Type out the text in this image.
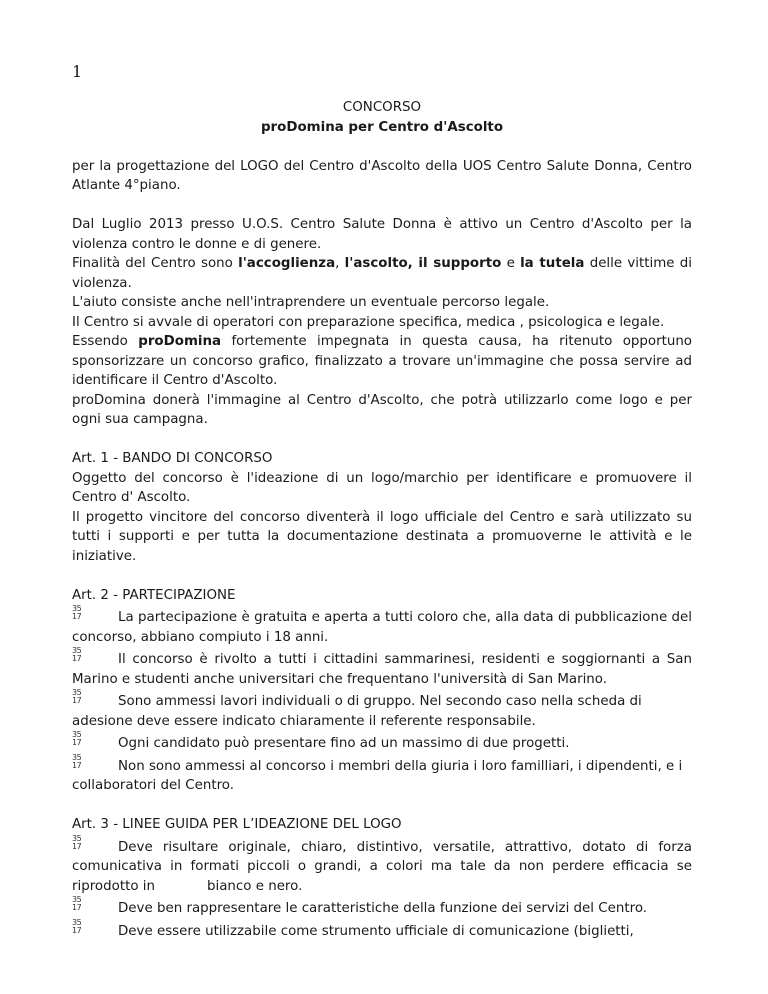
1

CONCORSO

proDomina per Centro d'Ascolto

per la progettazione del LOGO del Centro d'Ascolto della UOS Centro Salute Donna, Centro Atlante 4°piano.

Dal Luglio 2013 presso U.O.S. Centro Salute Donna è attivo un Centro d'Ascolto per la violenza contro le donne e di genere.

Finalità del Centro sono l'accoglienza, l'ascolto, il supporto e la tutela delle vittime di violenza.

L'aiuto consiste anche nell'intraprendere un eventuale percorso legale.

Il Centro si avvale di operatori con preparazione specifica, medica , psicologica e legale.

Essendo proDomina fortemente impegnata in questa causa, ha ritenuto opportuno sponsorizzare un concorso grafico, finalizzato a trovare un'immagine che possa servire ad identificare il Centro d'Ascolto.

proDomina donerà l'immagine al Centro d'Ascolto, che potrà utilizzarlo come logo e per ogni sua campagna.

Art. 1 - BANDO DI CONCORSO

Oggetto del concorso è l'ideazione di un logo/marchio per identificare e promuovere il Centro d' Ascolto.

Il progetto vincitore del concorso diventerà il logo ufficiale del Centro e sarà utilizzato su tutti i supporti e per tutta la documentazione destinata a promuoverne le attività e le iniziative.

Art. 2 - PARTECIPAZIONE

35
17	La partecipazione è gratuita e aperta a tutti coloro che, alla data di pubblicazione del concorso, abbiano compiuto i 18 anni.

35
17	Il concorso è rivolto a tutti i cittadini sammarinesi, residenti e soggiornanti a San Marino e studenti anche universitari che frequentano l'università di San Marino.

35
17	Sono ammessi lavori individuali o di gruppo. Nel secondo caso nella scheda di adesione deve essere indicato chiaramente il referente responsabile.

35
17	Ogni candidato può presentare fino ad un massimo di due progetti.

35
17	Non sono ammessi al concorso i membri della giuria i loro familliari, i dipendenti, e i

collaboratori del Centro.

Art. 3 - LINEE GUIDA PER L’IDEAZIONE DEL LOGO

35
17	Deve risultare originale, chiaro, distintivo, versatile, attrattivo, dotato di forza comunicativa in formati piccoli o grandi, a colori ma tale da non perdere efficacia se riprodotto in	bianco e nero.

35
17	Deve ben rappresentare le caratteristiche della funzione dei servizi del Centro.

35
17	Deve essere utilizzabile come strumento ufficiale di comunicazione (biglietti,
